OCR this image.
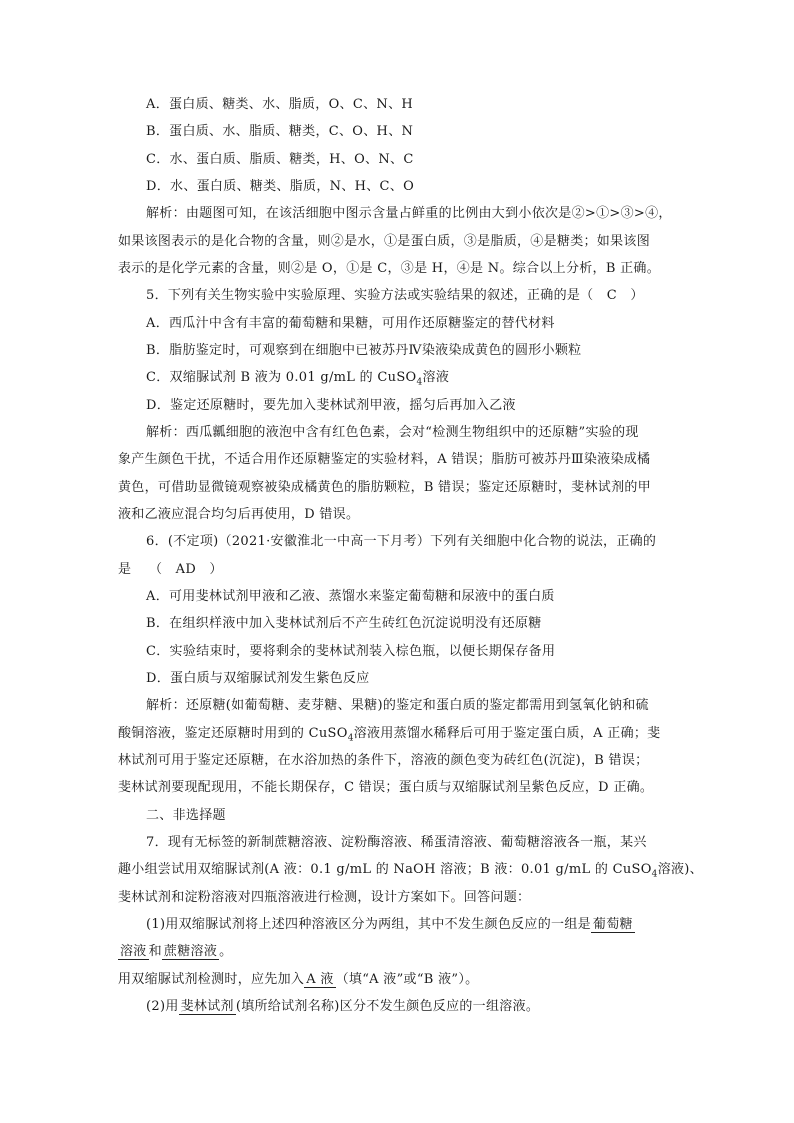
A．蛋白质、糖类、水、脂质，O、C、N、H
B．蛋白质、水、脂质、糖类，C、O、H、N
C．水、蛋白质、脂质、糖类，H、O、N、C
D．水、蛋白质、糖类、脂质，N、H、C、O
解析：由题图可知，在该活细胞中图示含量占鲜重的比例由大到小依次是②>①>③>④，
如果该图表示的是化合物的含量，则②是水，①是蛋白质，③是脂质，④是糖类；如果该图
表示的是化学元素的含量，则②是 O，①是 C，③是 H，④是 N。综合以上分析，B 正确。
5．下列有关生物实验中实验原理、实验方法或实验结果的叙述，正确的是（　C　）
A．西瓜汁中含有丰富的葡萄糖和果糖，可用作还原糖鉴定的替代材料
B．脂肪鉴定时，可观察到在细胞中已被苏丹Ⅳ染液染成黄色的圆形小颗粒
C．双缩脲试剂 B 液为 0.01 g/mL 的 CuSO$_4$溶液
D．鉴定还原糖时，要先加入斐林试剂甲液，摇匀后再加入乙液
解析：西瓜瓤细胞的液泡中含有红色色素，会对“检测生物组织中的还原糖”实验的现
象产生颜色干扰，不适合用作还原糖鉴定的实验材料，A 错误；脂肪可被苏丹Ⅲ染液染成橘
黄色，可借助显微镜观察被染成橘黄色的脂肪颗粒，B 错误；鉴定还原糖时，斐林试剂的甲
液和乙液应混合均匀后再使用，D 错误。
6．(不定项)（2021·安徽淮北一中高一下月考）下列有关细胞中化合物的说法，正确的
是　 （　AD　）
A．可用斐林试剂甲液和乙液、蒸馏水来鉴定葡萄糖和尿液中的蛋白质
B．在组织样液中加入斐林试剂后不产生砖红色沉淀说明没有还原糖
C．实验结束时，要将剩余的斐林试剂装入棕色瓶，以便长期保存备用
D．蛋白质与双缩脲试剂发生紫色反应
解析：还原糖(如葡萄糖、麦芽糖、果糖)的鉴定和蛋白质的鉴定都需用到氢氧化钠和硫
酸铜溶液，鉴定还原糖时用到的 CuSO$_4$溶液用蒸馏水稀释后可用于鉴定蛋白质，A 正确；斐
林试剂可用于鉴定还原糖，在水浴加热的条件下，溶液的颜色变为砖红色(沉淀)，B 错误；
斐林试剂要现配现用，不能长期保存，C 错误；蛋白质与双缩脲试剂呈紫色反应，D 正确。
二、非选择题
7．现有无标签的新制蔗糖溶液、淀粉酶溶液、稀蛋清溶液、葡萄糖溶液各一瓶，某兴
趣小组尝试用双缩脲试剂(A 液：0.1 g/mL 的 NaOH 溶液；B 液：0.01 g/mL 的 CuSO$_4$溶液)、
斐林试剂和淀粉溶液对四瓶溶液进行检测，设计方案如下。回答问题：
(1)用双缩脲试剂将上述四种溶液区分为两组，其中不发生颜色反应的一组是 葡萄糖
溶液 和 蔗糖溶液 。
用双缩脲试剂检测时，应先加入 A 液 （填“A 液”或“B 液”）。
(2)用 斐林试剂 (填所给试剂名称)区分不发生颜色反应的一组溶液。
